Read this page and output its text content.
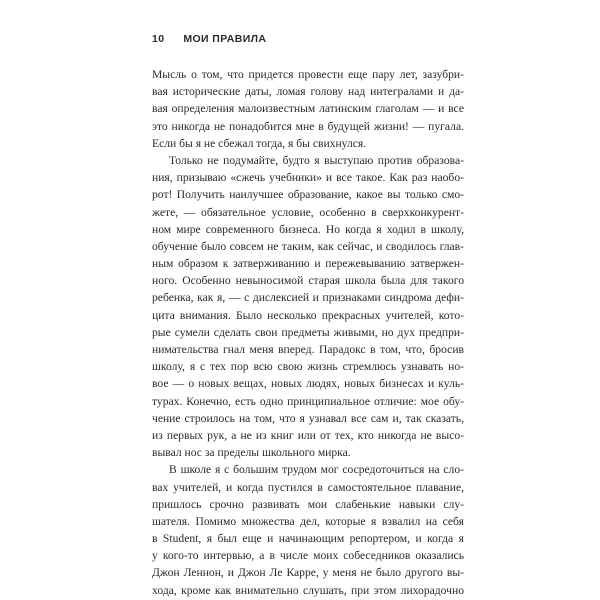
10 МОИ ПРАВИЛА
Мысль о том, что придется провести еще пару лет, зазубри-
вая исторические даты, ломая голову над интегралами и да-
вая определения малоизвестным латинским глаголам — и все
это никогда не понадобится мне в будущей жизни! — пугала.
Если бы я не сбежал тогда, я бы свихнулся.
Только не подумайте, будто я выступаю против образова-
ния, призываю «сжечь учебники» и все такое. Как раз наобо-
рот! Получить наилучшее образование, какое вы только смо-
жете, — обязательное условие, особенно в сверхконкурент-
ном мире современного бизнеса. Но когда я ходил в школу,
обучение было совсем не таким, как сейчас, и сводилось глав-
ным образом к затверживанию и пережевыванию затвержен-
ного. Особенно невыносимой старая школа была для такого
ребенка, как я, — с дислексией и признаками синдрома дефи-
цита внимания. Было несколько прекрасных учителей, кото-
рые сумели сделать свои предметы живыми, но дух предпри-
нимательства гнал меня вперед. Парадокс в том, что, бросив
школу, я с тех пор всю свою жизнь стремлюсь узнавать но-
вое — о новых вещах, новых людях, новых бизнесах и куль-
турах. Конечно, есть одно принципиальное отличие: мое обу-
чение строилось на том, что я узнавал все сам и, так сказать,
из первых рук, а не из книг или от тех, кто никогда не высо-
вывал нос за пределы школьного мирка.
В школе я с большим трудом мог сосредоточиться на сло-
вах учителей, и когда пустился в самостоятельное плавание,
пришлось срочно развивать мои слабенькие навыки слу-
шателя. Помимо множества дел, которые я взвалил на себя
в Student, я был еще и начинающим репортером, и когда я
у кого-то интервью, а в числе моих собеседников оказались
Джон Леннон, и Джон Ле Карре, у меня не было другого вы-
хода, кроме как внимательно слушать, при этом лихорадочно
